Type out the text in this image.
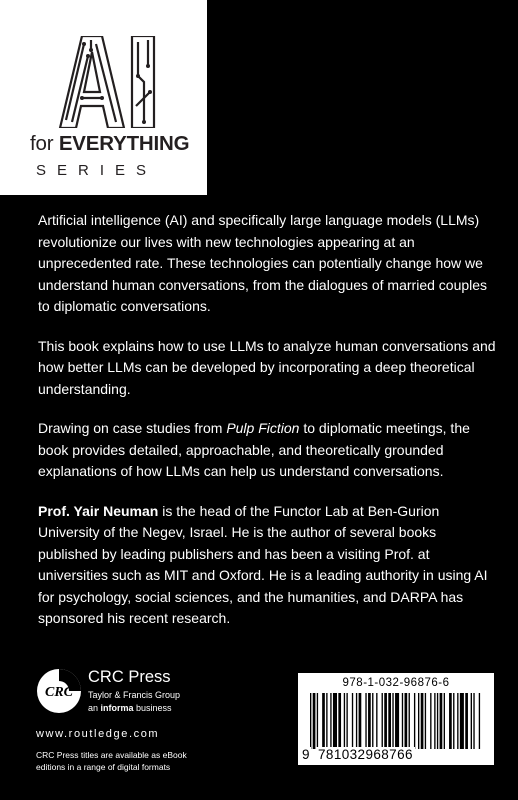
AI
for EVERYTHING
SERIES

Artificial intelligence (AI) and specifically large language models (LLMs) revolutionize our lives with new technologies appearing at an unprecedented rate. These technologies can potentially change how we understand human conversations, from the dialogues of married couples to diplomatic conversations.

This book explains how to use LLMs to analyze human conversations and how better LLMs can be developed by incorporating a deep theoretical understanding.

Drawing on case studies from Pulp Fiction to diplomatic meetings, the book provides detailed, approachable, and theoretically grounded explanations of how LLMs can help us understand conversations.

Prof. Yair Neuman is the head of the Functor Lab at Ben-Gurion University of the Negev, Israel. He is the author of several books published by leading publishers and has been a visiting Prof. at universities such as MIT and Oxford. He is a leading authority in using AI for psychology, social sciences, and the humanities, and DARPA has sponsored his recent research.

CRC
CRC Press
Taylor & Francis Group
an informa business
www.routledge.com
CRC Press titles are available as eBook editions in a range of digital formats
978-1-032-96876-6
9 781032968766
